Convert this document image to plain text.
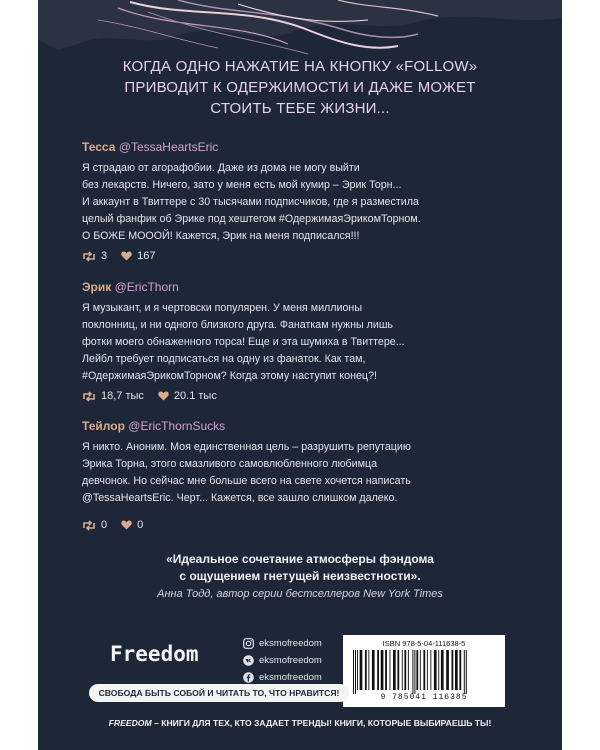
КОГДА ОДНО НАЖАТИЕ НА КНОПКУ «FOLLOW»
ПРИВОДИТ К ОДЕРЖИМОСТИ И ДАЖЕ МОЖЕТ
СТОИТЬ ТЕБЕ ЖИЗНИ...
Тесса @TessaHeartsEric
Я страдаю от агорафобии. Даже из дома не могу выйти
без лекарств. Ничего, зато у меня есть мой кумир – Эрик Торн...
И аккаунт в Твиттере с 30 тысячами подписчиков, где я разместила
целый фанфик об Эрике под хештегом #ОдержимаяЭрикомТорном.
О БОЖЕ МОООЙ! Кажется, Эрик на меня подписался!!!
3	167
Эрик @EricThorn
Я музыкант, и я чертовски популярен. У меня миллионы
поклонниц, и ни одного близкого друга. Фанаткам нужны лишь
фотки моего обнаженного торса! Еще и эта шумиха в Твиттере...
Лейбл требует подписаться на одну из фанаток. Как там,
#ОдержимаяЭрикомТорном? Когда этому наступит конец?!
18,7 тыс	20.1 тыс
Тейлор @EricThornSucks
Я никто. Аноним. Моя единственная цель – разрушить репутацию
Эрика Торна, этого смазливого самовлюбленного любимца
девчонок. Но сейчас мне больше всего на свете хочется написать
@TessaHeartsEric. Черт... Кажется, все зашло слишком далеко.
0	0
«Идеальное сочетание атмосферы фэндома
с ощущением гнетущей неизвестности».
Анна Тодд, автор серии бестселлеров New York Times
Freedom	eksmofreedom
eksmofreedom
eksmofreedom
ISBN 978-5-04-111638-5
9 785041 116385
СВОБОДА БЫТЬ СОБОЙ И ЧИТАТЬ ТО, ЧТО НРАВИТСЯ!
FREEDOM – КНИГИ ДЛЯ ТЕХ, КТО ЗАДАЕТ ТРЕНДЫ! КНИГИ, КОТОРЫЕ ВЫБИРАЕШЬ ТЫ!
